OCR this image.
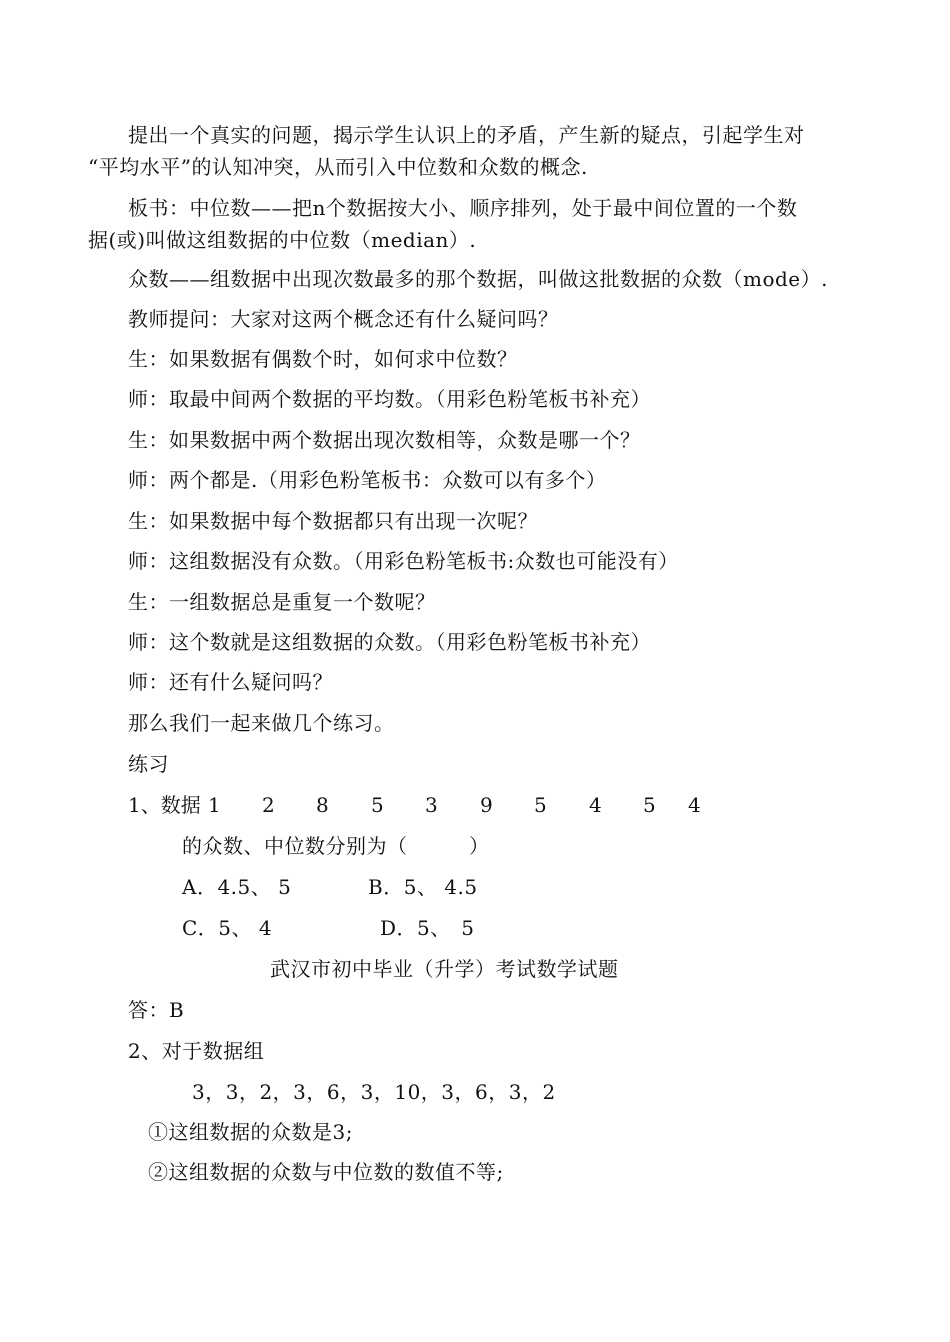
提出一个真实的问题，揭示学生认识上的矛盾，产生新的疑点，引起学生对
“平均水平”的认知冲突，从而引入中位数和众数的概念.
板书：中位数——把n个数据按大小、顺序排列，处于最中间位置的一个数
据(或)叫做这组数据的中位数（median）.
众数——组数据中出现次数最多的那个数据，叫做这批数据的众数（mode）.
教师提问：大家对这两个概念还有什么疑问吗？
生：如果数据有偶数个时，如何求中位数？
师：取最中间两个数据的平均数。（用彩色粉笔板书补充）
生：如果数据中两个数据出现次数相等，众数是哪一个？
师：两个都是.（用彩色粉笔板书：众数可以有多个）
生：如果数据中每个数据都只有出现一次呢？
师：这组数据没有众数。（用彩色粉笔板书:众数也可能没有）
生：一组数据总是重复一个数呢？
师：这个数就是这组数据的众数。（用彩色粉笔板书补充）
师：还有什么疑问吗？
那么我们一起来做几个练习。
练习
1、数据 1 2 8 5 3 9 5 4 5 4
的众数、中位数分别为（　　　）
A．4.5、 5	B．5、 4.5
C．5、 4	D．5、　5
武汉市初中毕业（升学）考试数学试题
答：B
2、对于数据组
3，3，2，3，6，3，10，3，6，3，2
①这组数据的众数是3;
②这组数据的众数与中位数的数值不等;
